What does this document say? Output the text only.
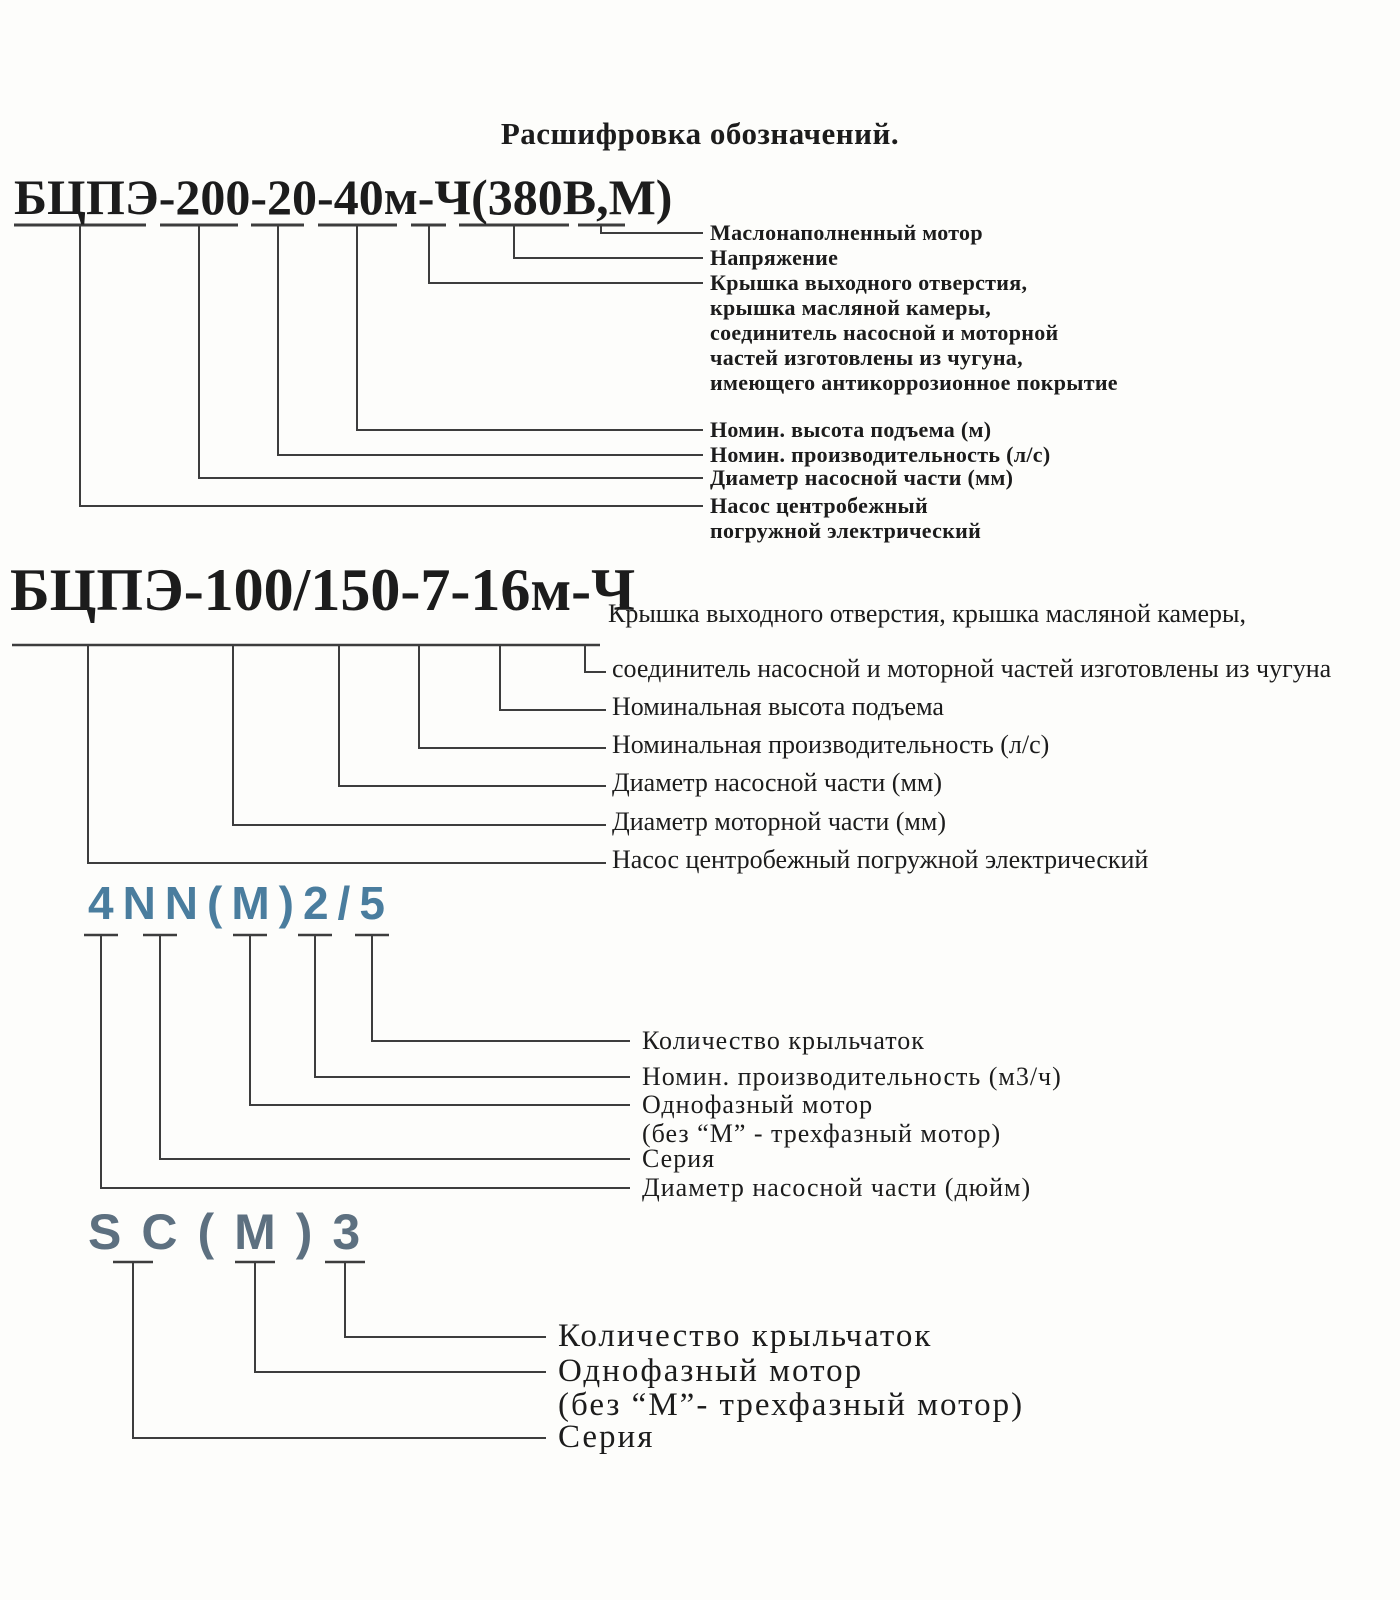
Расшифровка обозначений.
БЦПЭ-200-20-40м-Ч(380В,М)
Маслонаполненный мотор
Напряжение
Крышка выходного отверстия,
крышка масляной камеры,
соединитель насосной и моторной
частей изготовлены из чугуна,
имеющего антикоррозионное покрытие
Номин. высота подъема (м)
Номин. производительность (л/с)
Диаметр насосной части (мм)
Насос центробежный
погружной электрический
БЦПЭ-100/150-7-16м-Ч
Крышка выходного отверстия, крышка масляной камеры,
соединитель насосной и моторной частей изготовлены из чугуна
Номинальная высота подъема
Номинальная производительность (л/с)
Диаметр насосной части (мм)
Диаметр моторной части (мм)
Насос центробежный погружной электрический
4NN(M)2/5
Количество крыльчаток
Номин. производительность (м3/ч)
Однофазный мотор
(без “М” - трехфазный мотор)
Серия
Диаметр насосной части (дюйм)
SC(M)3
Количество крыльчаток
Однофазный мотор
(без “М”- трехфазный мотор)
Серия
